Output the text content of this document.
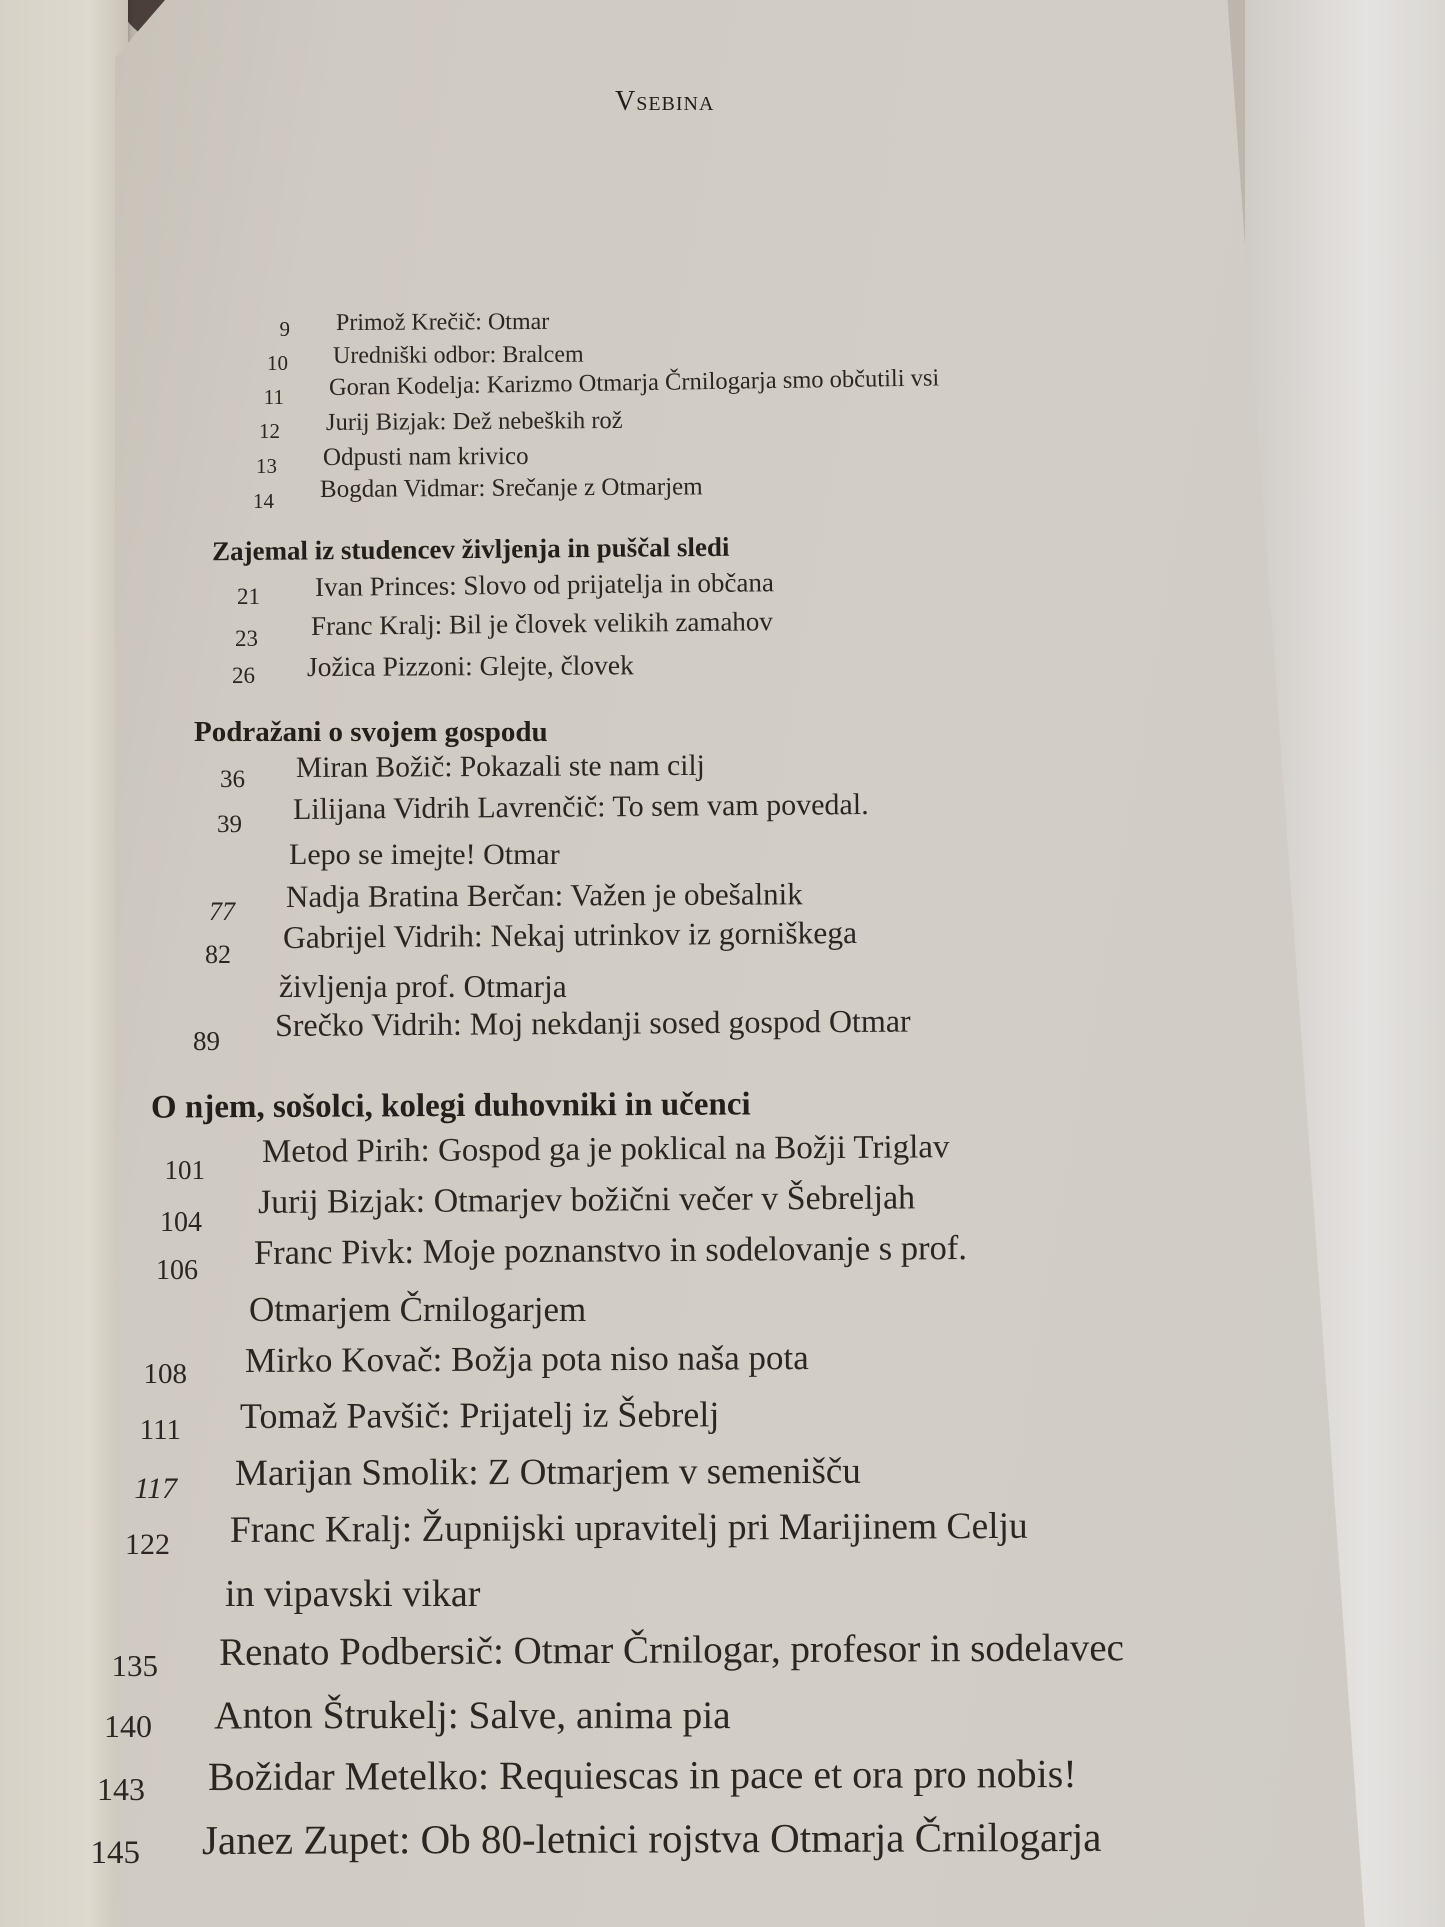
Vsebina
9 Primož Krečič: Otmar
10 Uredniški odbor: Bralcem
11 Goran Kodelja: Karizmo Otmarja Črnilogarja smo občutili vsi
12 Jurij Bizjak: Dež nebeških rož
13 Odpusti nam krivico
14 Bogdan Vidmar: Srečanje z Otmarjem
Zajemal iz studencev življenja in puščal sledi
21 Ivan Princes: Slovo od prijatelja in občana
23 Franc Kralj: Bil je človek velikih zamahov
26 Jožica Pizzoni: Glejte, človek
Podražani o svojem gospodu
36 Miran Božič: Pokazali ste nam cilj
39 Lilijana Vidrih Lavrenčič: To sem vam povedal.
Lepo se imejte! Otmar
77 Nadja Bratina Berčan: Važen je obešalnik
82 Gabrijel Vidrih: Nekaj utrinkov iz gorniškega
življenja prof. Otmarja
89 Srečko Vidrih: Moj nekdanji sosed gospod Otmar
O njem, sošolci, kolegi duhovniki in učenci
101
Metod Pirih: Gospod ga je poklical na Božji Triglav
104
Jurij Bizjak: Otmarjev božični večer v Šebreljah
106 Franc Pivk: Moje poznanstvo in sodelovanje s prof.
Otmarjem Črnilogarjem
108 Mirko Kovač: Božja pota niso naša pota
111 Tomaž Pavšič: Prijatelj iz Šebrelj
117 Marijan Smolik: Z Otmarjem v semenišču
122 Franc Kralj: Župnijski upravitelj pri Marijinem Celju
in vipavski vikar
135 Renato Podbersič: Otmar Črnilogar, profesor in sodelavec
140 Anton Štrukelj: Salve, anima pia
143 Božidar Metelko: Requiescas in pace et ora pro nobis!
145 Janez Zupet: Ob 80-letnici rojstva Otmarja Črnilogarja
